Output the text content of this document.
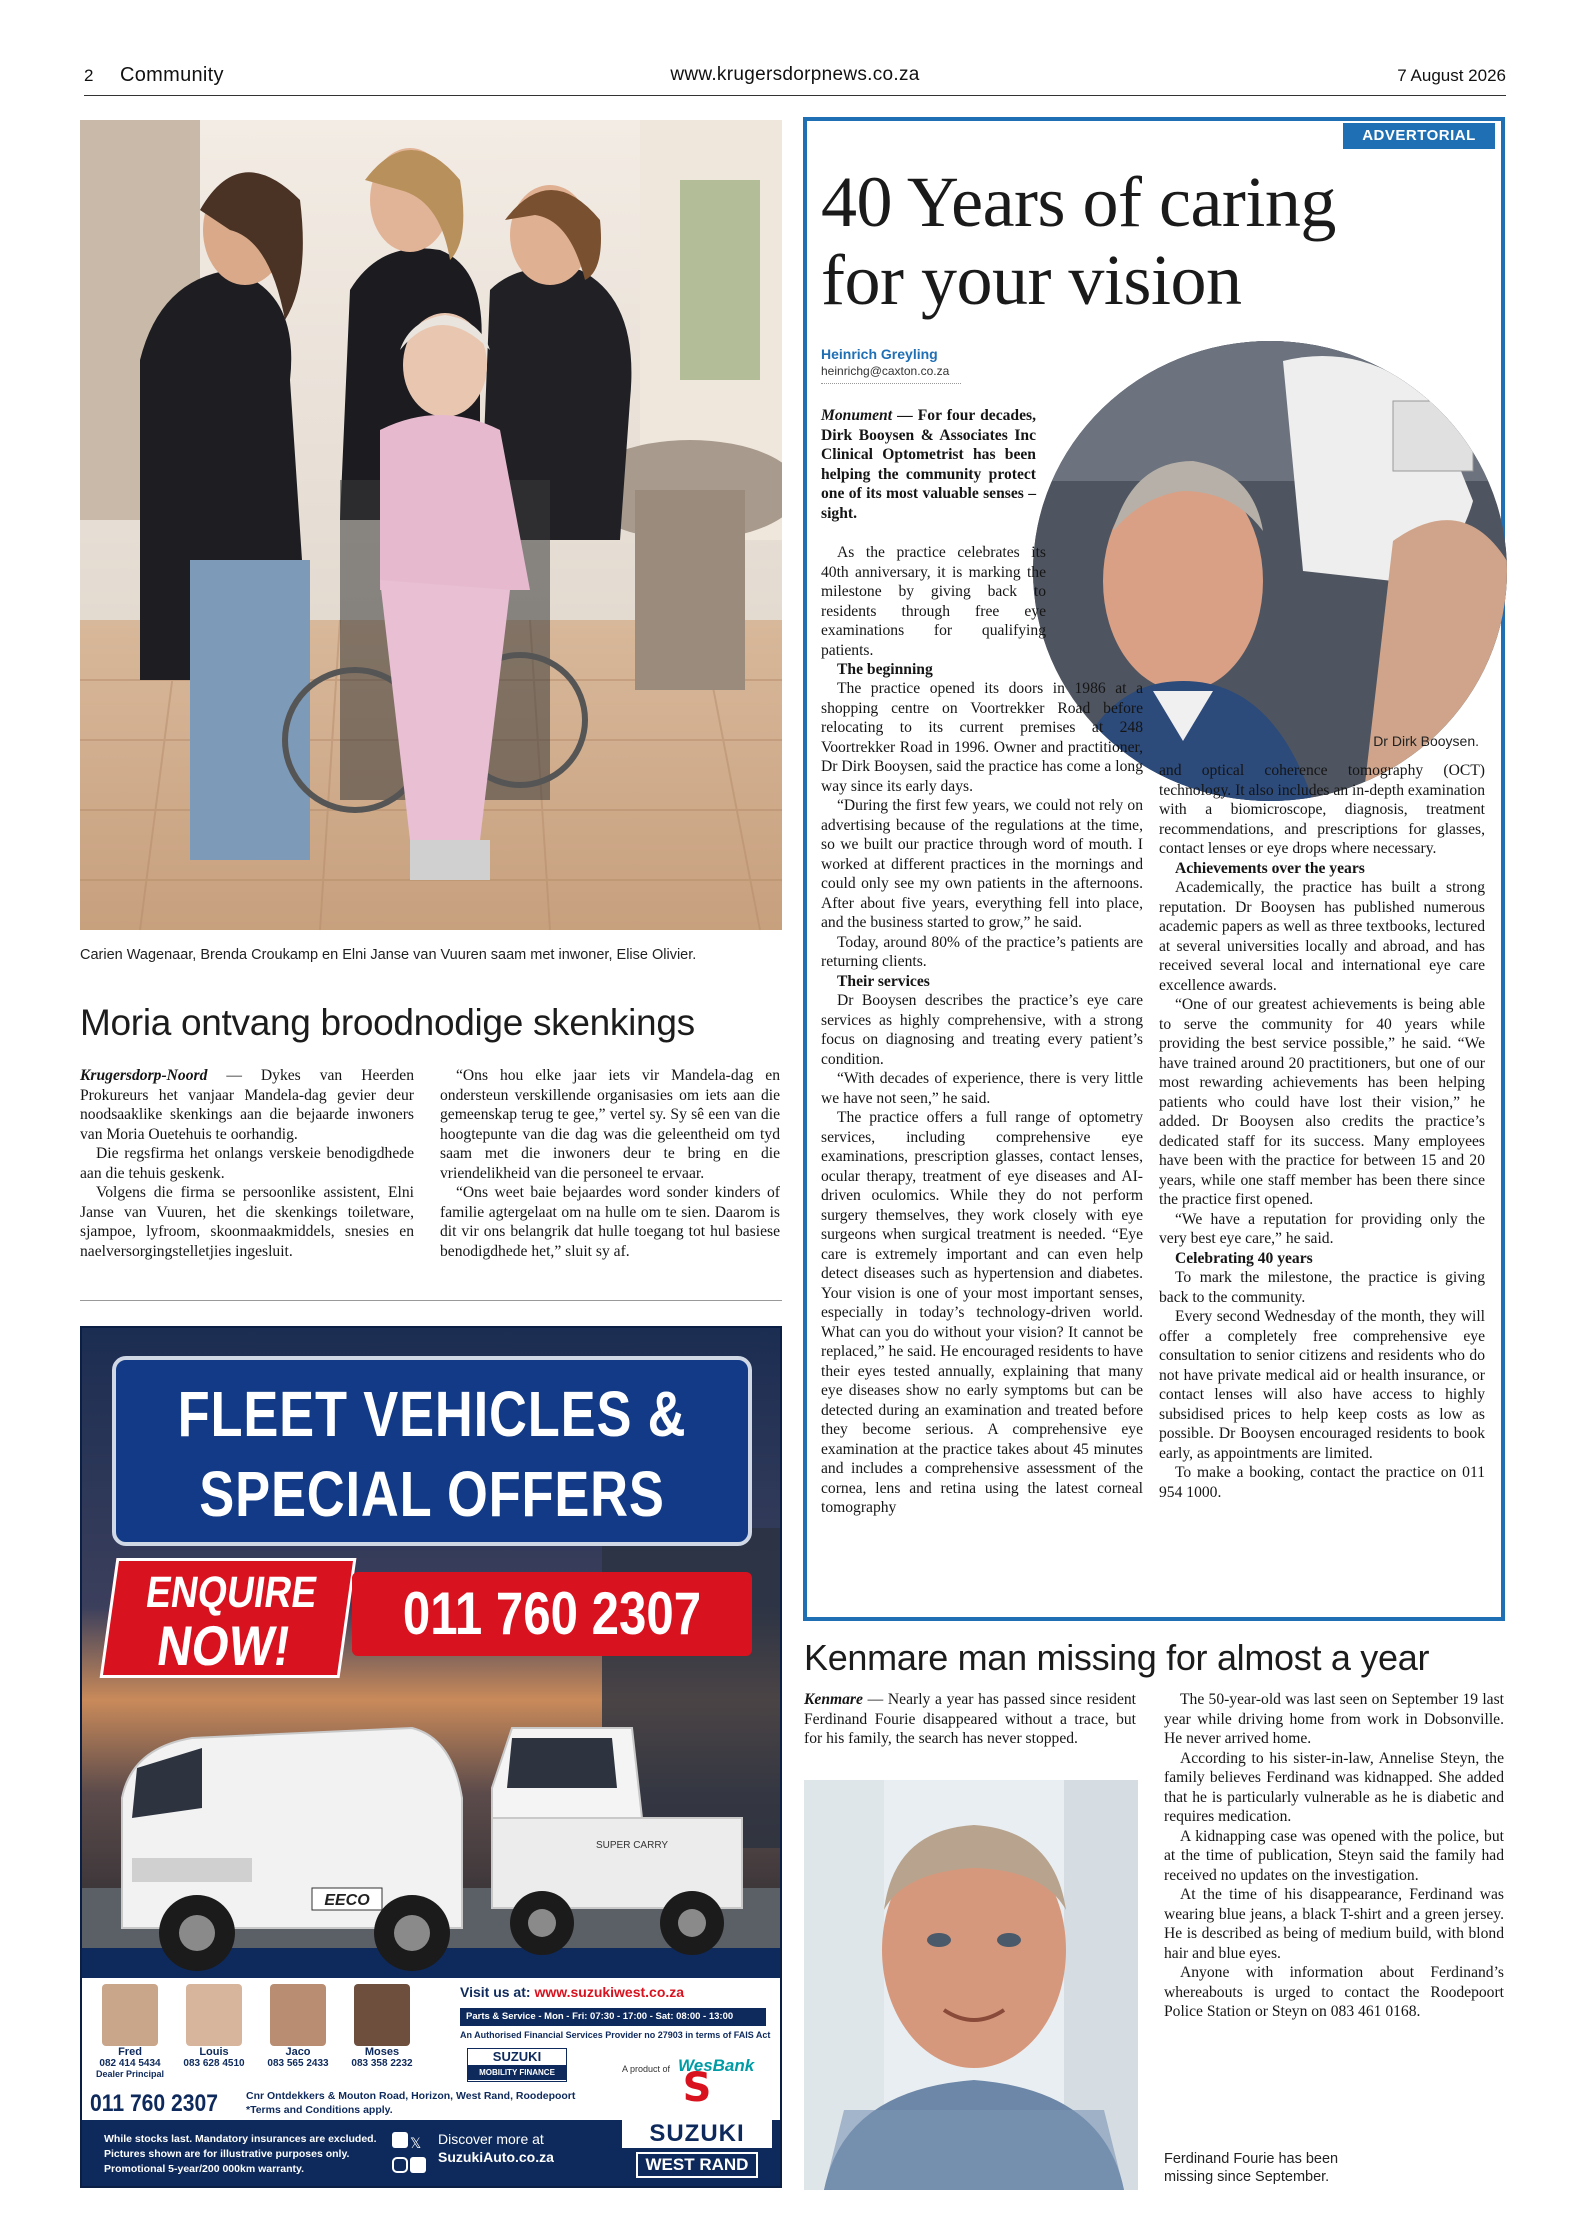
2 Community	www.krugersdorpnews.co.za	7 August 2026
Carien Wagenaar, Brenda Croukamp en Elni Janse van Vuuren saam met inwoner, Elise Olivier.
Moria ontvang broodnodige skenkings

Krugersdorp-Noord — Dykes van Heerden Prokureurs het vanjaar Mandela-dag gevier deur noodsaaklike skenkings aan die bejaarde inwoners van Moria Ouetehuis te oorhandig.

Die regsfirma het onlangs verskeie benodigdhede aan die tehuis geskenk.

Volgens die firma se persoonlike assistent, Elni Janse van Vuuren, het die skenkings toiletware, sjampoe, lyfroom, skoonmaakmiddels, snesies en naelversorgingstelletjies ingesluit.

“Ons hou elke jaar iets vir Mandela-dag en ondersteun verskillende organisasies om iets aan die gemeenskap terug te gee,” vertel sy. Sy sê een van die hoogtepunte van die dag was die geleentheid om tyd saam met die inwoners deur te bring en die vriendelikheid van die personeel te ervaar.

“Ons weet baie bejaardes word sonder kinders of familie agtergelaat om na hulle om te sien. Daarom is dit vir ons belangrik dat hulle toegang tot hul basiese benodigdhede het,” sluit sy af.

FLEET VEHICLES &
SPECIAL OFFERS
ENQUIRE
NOW!	011 760 2307
EECO
SUPER CARRY
Fred
082 414 5434
Dealer Principal
Louis
083 628 4510
Jaco
083 565 2433
Moses
083 358 2232
Visit us at: www.suzukiwest.co.za
Parts & Service - Mon - Fri: 07:30 - 17:00 - Sat: 08:00 - 13:00
An Authorised Financial Services Provider no 27903 in terms of FAIS Act
SUZUKI
MOBILITY FINANCE	A product of WesBank
011 760 2307	Cnr Ontdekkers & Mouton Road, Horizon, West Rand, Roodepoort
*Terms and Conditions apply.
While stocks last. Mandatory insurances are excluded.
Pictures shown are for illustrative purposes only.
Promotional 5-year/200 000km warranty.
𝕏	Discover more at
SuzukiAuto.co.za
S
SUZUKI
WEST RAND
ADVERTORIAL
40 Years of caring
for your vision
Heinrich Greyling
heinrichg@caxton.co.za
Dr Dirk Booysen.

Monument — For four decades, Dirk Booysen & Associates Inc Clinical Optometrist has been helping the community protect one of its most valuable senses – sight.

As the practice celebrates its 40th anniversary, it is marking the milestone by giving back to residents through free eye examinations for qualifying patients.

The beginning

The practice opened its doors in 1986 at a shopping centre on Voortrekker Road before relocating to its current premises at 248 Voortrekker Road in 1996. Owner and practitioner, Dr Dirk Booysen, said the practice has come a long way since its early days.

“During the first few years, we could not rely on advertising because of the regulations at the time, so we built our practice through word of mouth. I worked at different practices in the mornings and could only see my own patients in the afternoons. After about five years, everything fell into place, and the business started to grow,” he said.

Today, around 80% of the practice’s patients are returning clients.

Their services

Dr Booysen describes the practice’s eye care services as highly comprehensive, with a strong focus on diagnosing and treating every patient’s condition.

“With decades of experience, there is very little we have not seen,” he said.

The practice offers a full range of optometry services, including comprehensive eye examinations, prescription glasses, contact lenses, ocular therapy, treatment of eye diseases and AI-driven oculomics. While they do not perform surgery themselves, they work closely with eye surgeons when surgical treatment is needed. “Eye care is extremely important and can even help detect diseases such as hypertension and diabetes. Your vision is one of your most important senses, especially in today’s technology-driven world. What can you do without your vision? It cannot be replaced,” he said. He encouraged residents to have their eyes tested annually, explaining that many eye diseases show no early symptoms but can be detected during an examination and treated before they become serious. A comprehensive eye examination at the practice takes about 45 minutes and includes a comprehensive assessment of the cornea, lens and retina using the latest corneal tomography

and optical coherence tomography (OCT) technology. It also includes an in-depth examination with a biomicroscope, diagnosis, treatment recommendations, and prescriptions for glasses, contact lenses or eye drops where necessary.

Achievements over the years

Academically, the practice has built a strong reputation. Dr Booysen has published numerous academic papers as well as three textbooks, lectured at several universities locally and abroad, and has received several local and international eye care excellence awards.

“One of our greatest achievements is being able to serve the community for 40 years while providing the best service possible,” he said. “We have trained around 20 practitioners, but one of our most rewarding achievements has been helping patients who could have lost their vision,” he added. Dr Booysen also credits the practice’s dedicated staff for its success. Many employees have been with the practice for between 15 and 20 years, while one staff member has been there since the practice first opened.

“We have a reputation for providing only the very best eye care,” he said.

Celebrating 40 years

To mark the milestone, the practice is giving back to the community.

Every second Wednesday of the month, they will offer a completely free comprehensive eye consultation to senior citizens and residents who do not have private medical aid or health insurance, or contact lenses will also have access to highly subsidised prices to help keep costs as low as possible. Dr Booysen encouraged residents to book early, as appointments are limited.

To make a booking, contact the practice on 011 954 1000.

Kenmare man missing for almost a year

Kenmare — Nearly a year has passed since resident Ferdinand Fourie disappeared without a trace, but for his family, the search has never stopped.

The 50-year-old was last seen on September 19 last year while driving home from work in Dobsonville. He never arrived home.

According to his sister-in-law, Annelise Steyn, the family believes Ferdinand was kidnapped. She added that he is particularly vulnerable as he is diabetic and requires medication.

A kidnapping case was opened with the police, but at the time of publication, Steyn said the family had received no updates on the investigation.

At the time of his disappearance, Ferdinand was wearing blue jeans, a black T-shirt and a green jersey. He is described as being of medium build, with blond hair and blue eyes.

Anyone with information about Ferdinand’s whereabouts is urged to contact the Roodepoort Police Station or Steyn on 083 461 0168.

Ferdinand Fourie has been missing since September.
